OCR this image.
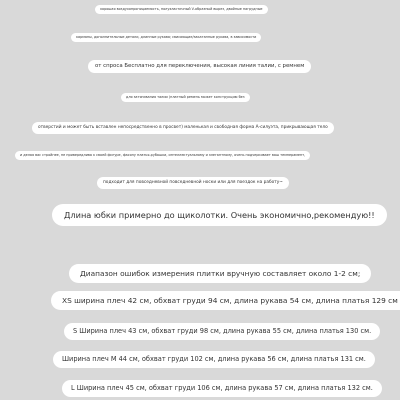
хорошая воздухопроницаемость, полуэластичный V-образный вырез, двойные нагрудные
карманы, дополнительные детали, длинные рукава; свисающие/закатанные рукава, в зависимости
от спроса Бесплатно для переключения, высокая линия талии, с ремнем
для затягивания талии (платный ремень может конструкцию без
отверстий и может быть вставлен непосредственно в просвет) маленькая и свободная форма А-силуэта, прикрывающая тело
и делая вас стройнее, не привередлива к своей фигуре, фасону платья-рубашки, интеллектуальному и элегантному, очень подчеркивает ваш темперамент,
подходит для повседневной повседневной носки или для поездок на работу~
Длина юбки примерно до щиколотки. Очень экономично,рекомендую!!
Диапазон ошибок измерения плитки вручную составляет около 1-2 см;
XS ширина плеч 42 см, обхват груди 94 см, длина рукава 54 см, длина платья 129 см
S Ширина плеч 43 см, обхват груди 98 см, длина рукава 55 см, длина платья 130 см.
Ширина плеч М 44 см, обхват груди 102 см, длина рукава 56 см, длина платья 131 см.
L Ширина плеч 45 см, обхват груди 106 см, длина рукава 57 см, длина платья 132 см.
